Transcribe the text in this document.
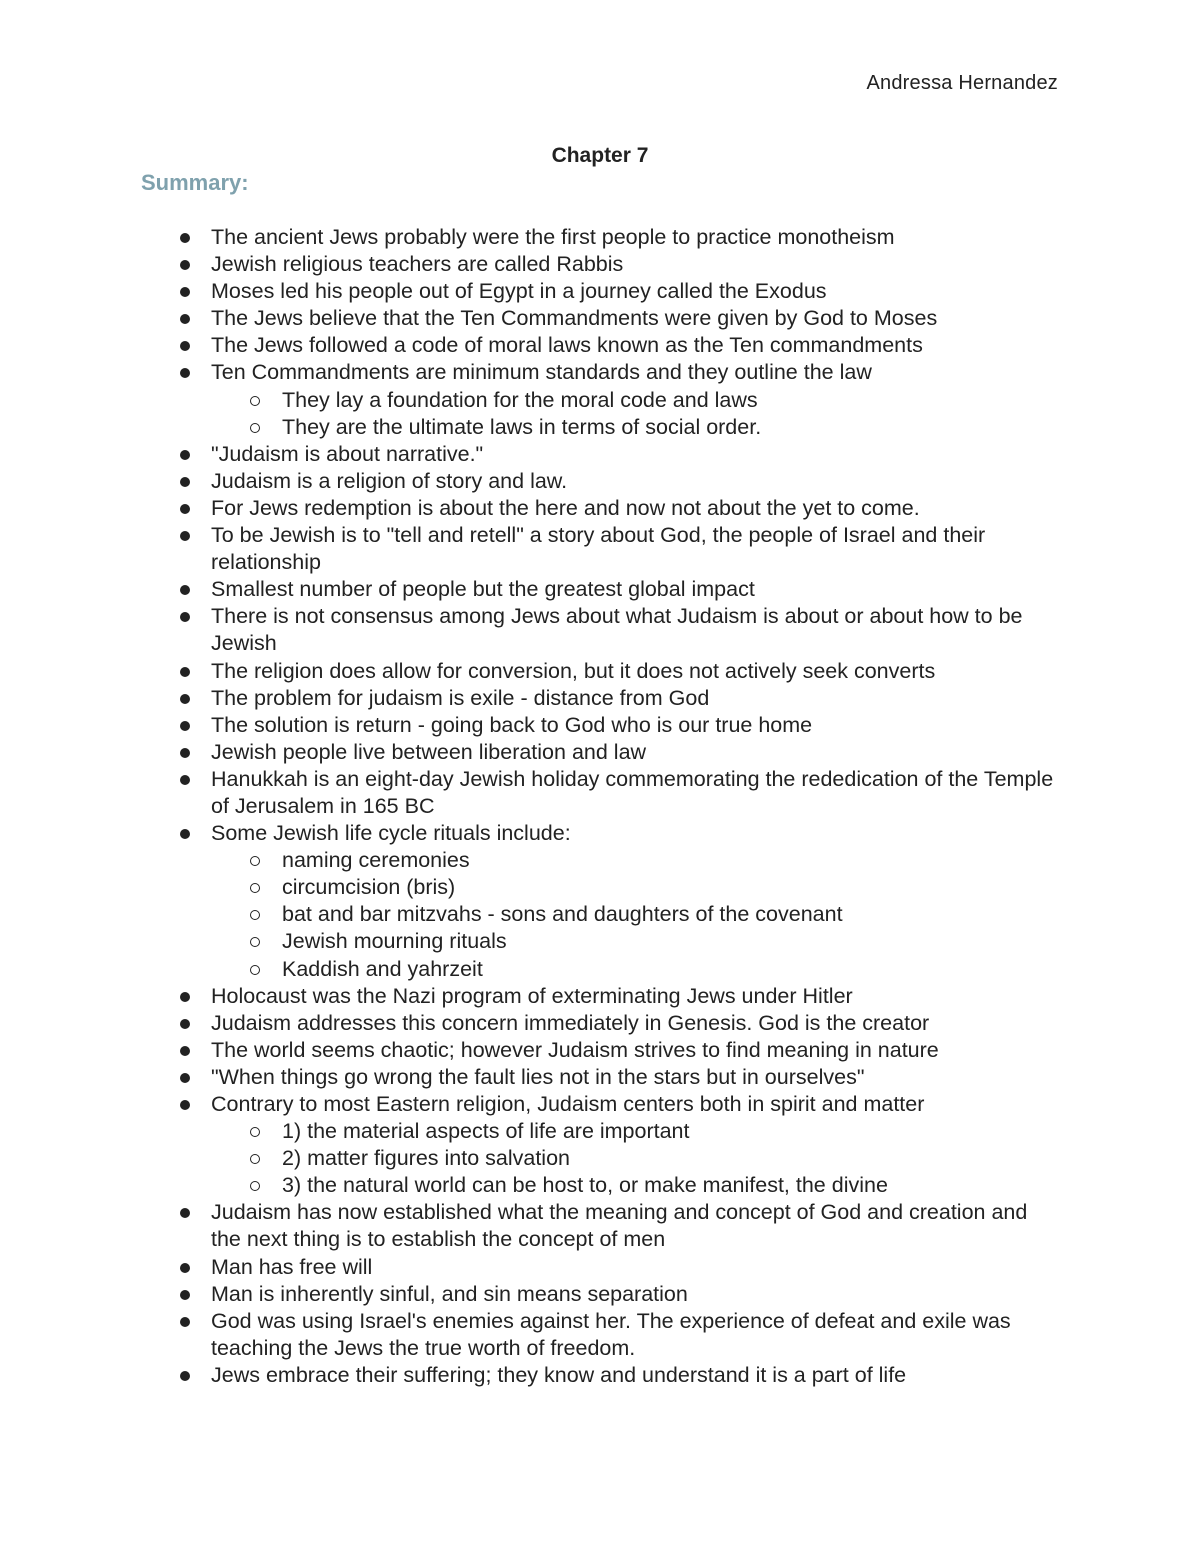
Andressa Hernandez
Chapter 7
Summary:
The ancient Jews probably were the first people to practice monotheism
Jewish religious teachers are called Rabbis
Moses led his people out of Egypt in a journey called the Exodus
The Jews believe that the Ten Commandments were given by God to Moses
The Jews followed a code of moral laws known as the Ten commandments
Ten Commandments are minimum standards and they outline the law
They lay a foundation for the moral code and laws
They are the ultimate laws in terms of social order.
"Judaism is about narrative."
Judaism is a religion of story and law.
For Jews redemption is about the here and now not about the yet to come.
To be Jewish is to "tell and retell" a story about God, the people of Israel and their relationship
Smallest number of people but the greatest global impact
There is not consensus among Jews about what Judaism is about or about how to be Jewish
The religion does allow for conversion, but it does not actively seek converts
The problem for judaism is exile - distance from God
The solution is return - going back to God who is our true home
Jewish people live between liberation and law
Hanukkah is an eight-day Jewish holiday commemorating the rededication of the Temple of Jerusalem in 165 BC
Some Jewish life cycle rituals include:
naming ceremonies
circumcision (bris)
bat and bar mitzvahs - sons and daughters of the covenant
Jewish mourning rituals
Kaddish and yahrzeit
Holocaust was the Nazi program of exterminating Jews under Hitler
Judaism addresses this concern immediately in Genesis. God is the creator
The world seems chaotic; however Judaism strives to find meaning in nature
"When things go wrong the fault lies not in the stars but in ourselves"
Contrary to most Eastern religion, Judaism centers both in spirit and matter
1) the material aspects of life are important
2) matter figures into salvation
3) the natural world can be host to, or make manifest, the divine
Judaism has now established what the meaning and concept of God and creation and the next thing is to establish the concept of men
Man has free will
Man is inherently sinful, and sin means separation
God was using Israel's enemies against her. The experience of defeat and exile was teaching the Jews the true worth of freedom.
Jews embrace their suffering; they know and understand it is a part of life
